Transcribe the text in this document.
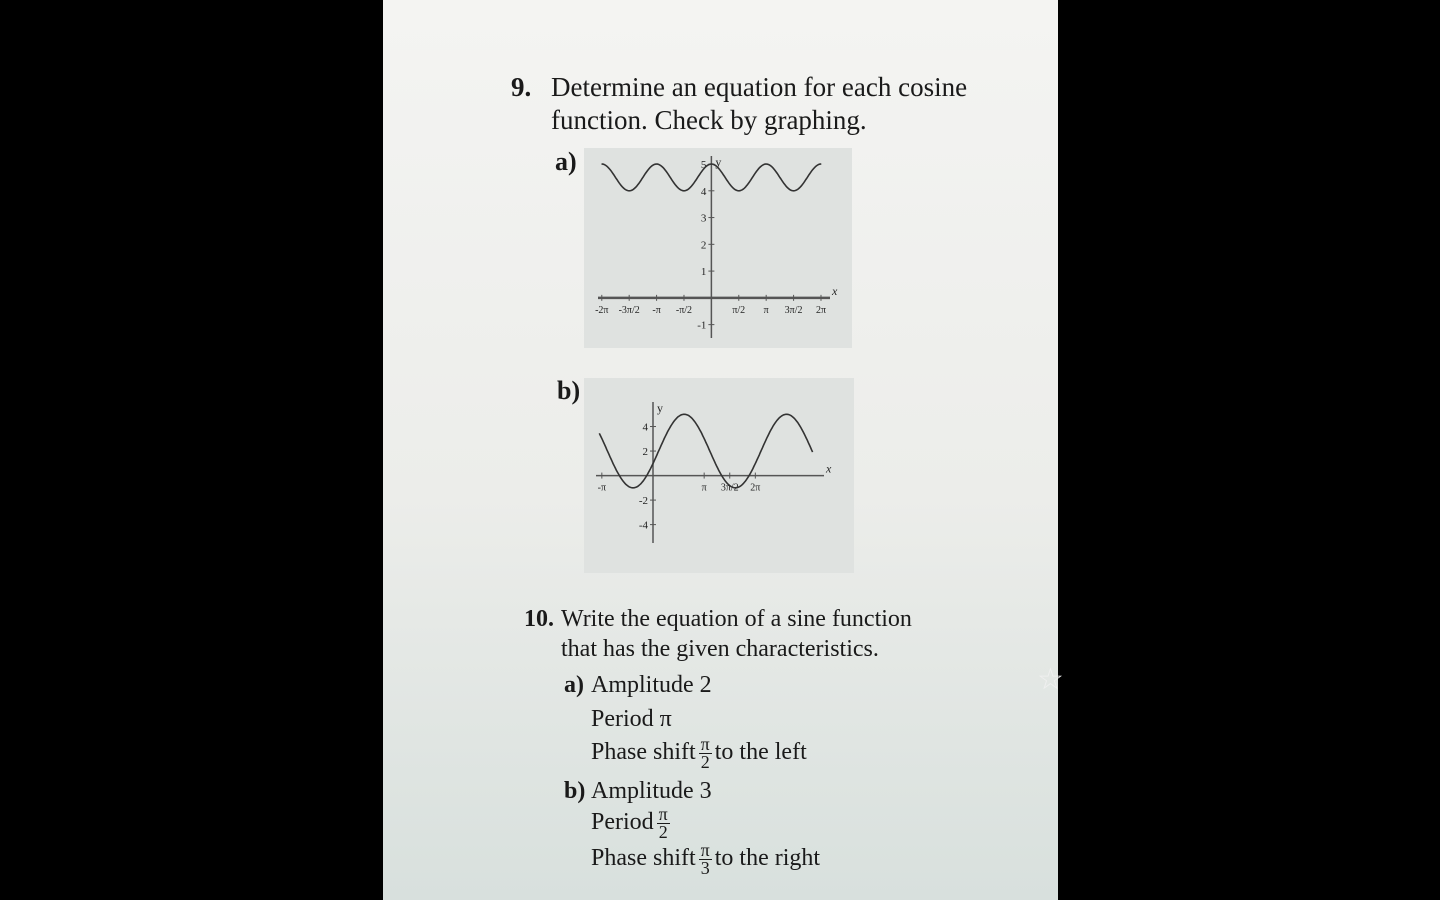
9. Determine an equation for each cosine
function. Check by graphing.
a)	y
x
5
4
3
2
1
-1
-2π -3π/2 -π -π/2	π/2 π 3π/2 2π
b)
y
x
4
2
-2
-4
-π	π	2π
3π/2
10. Write the equation of a sine function
that has the given characteristics.
a) Amplitude 2
Period π
Phase shift $\frac{\pi}{2}$ to the left
b) Amplitude 3
Period $\frac{\pi}{2}$
Phase shift $\frac{\pi}{3}$ to the right
☆
